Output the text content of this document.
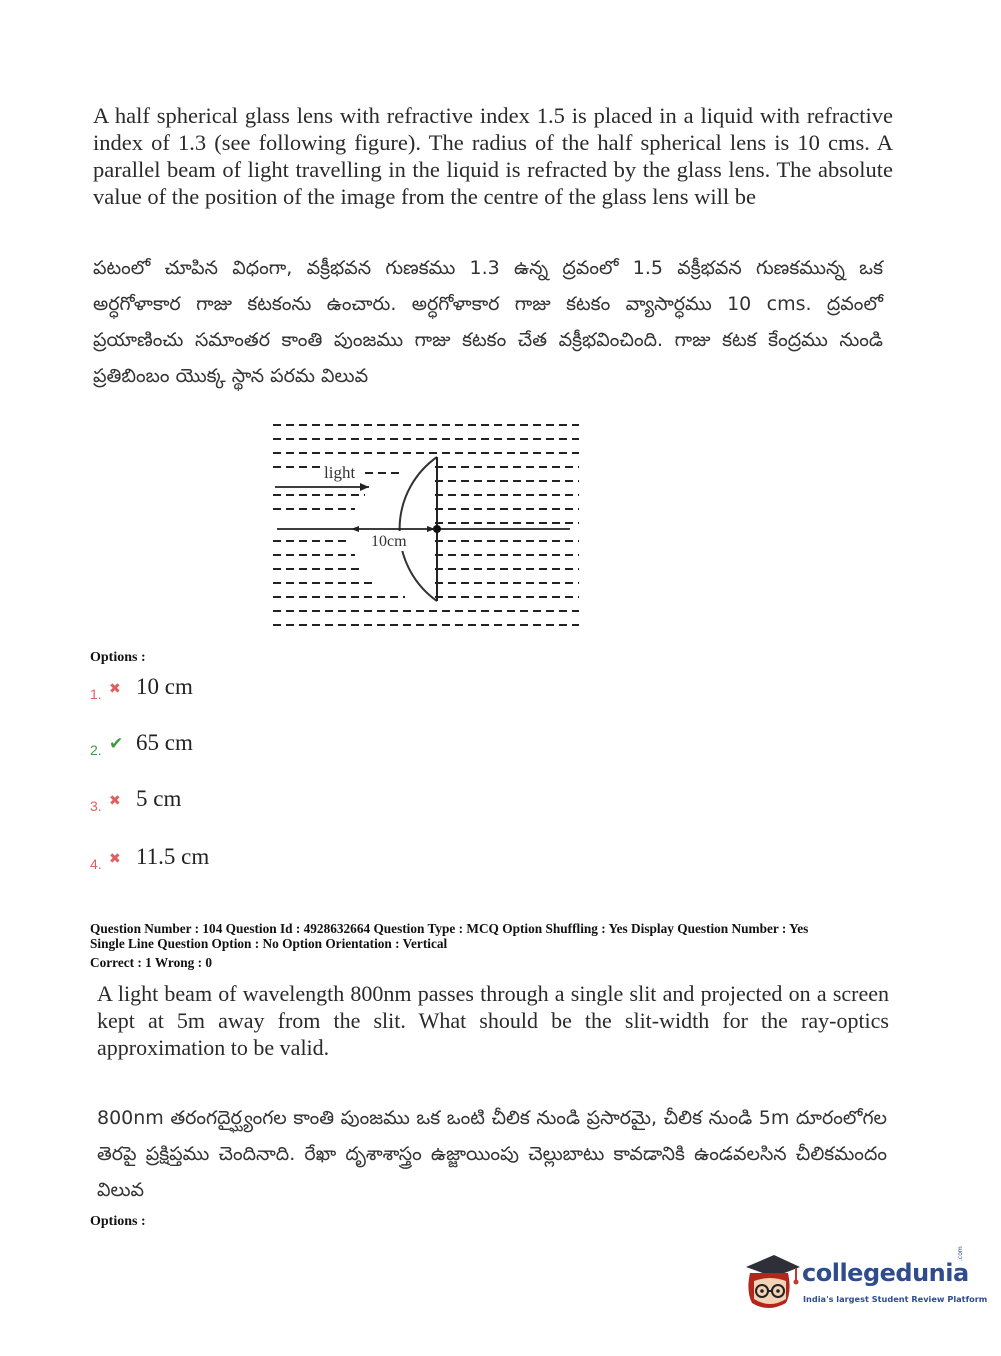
A half spherical glass lens with refractive index 1.5 is placed in a liquid with refractive index of 1.3 (see following figure). The radius of the half spherical lens is 10 cms. A parallel beam of light travelling in the liquid is refracted by the glass lens. The absolute value of the position of the image from the centre of the glass lens will be
పటంలో చూపిన విధంగా, వక్రీభవన గుణకము 1.3 ఉన్న ద్రవంలో 1.5 వక్రీభవన గుణకమున్న ఒక అర్ధగోళాకార గాజు కటకంను ఉంచారు. అర్ధగోళాకార గాజు కటకం వ్యాసార్ధము 10 cms. ద్రవంలో ప్రయాణించు సమాంతర కాంతి పుంజము గాజు కటకం చేత వక్రీభవించింది. గాజు కటక కేంద్రము నుండి ప్రతిబింబం యొక్క స్థాన పరమ విలువ
light
10cm
Options :
1. ✖ 10 cm
2. ✔ 65 cm
3. ✖ 5 cm
4. ✖ 11.5 cm
Question Number : 104 Question Id : 4928632664 Question Type : MCQ Option Shuffling : Yes Display Question Number : Yes
Single Line Question Option : No Option Orientation : Vertical
Correct : 1 Wrong : 0
A light beam of wavelength 800nm passes through a single slit and projected on a screen kept at 5m away from the slit. What should be the slit-width for the ray-optics approximation to be valid.
800nm తరంగదైర్ఘ్యంగల కాంతి పుంజము ఒక ఒంటి చీలిక నుండి ప్రసారమై, చీలిక నుండి 5m దూరంలోగల తెరపై ప్రక్షిప్తము చెందినాది. రేఖా దృశాశాస్త్రం ఉజ్జాయింపు చెల్లుబాటు కావడానికి ఉండవలసిన చీలికమందం విలువ
Options :
collegedunia
.com
India's largest Student Review Platform
